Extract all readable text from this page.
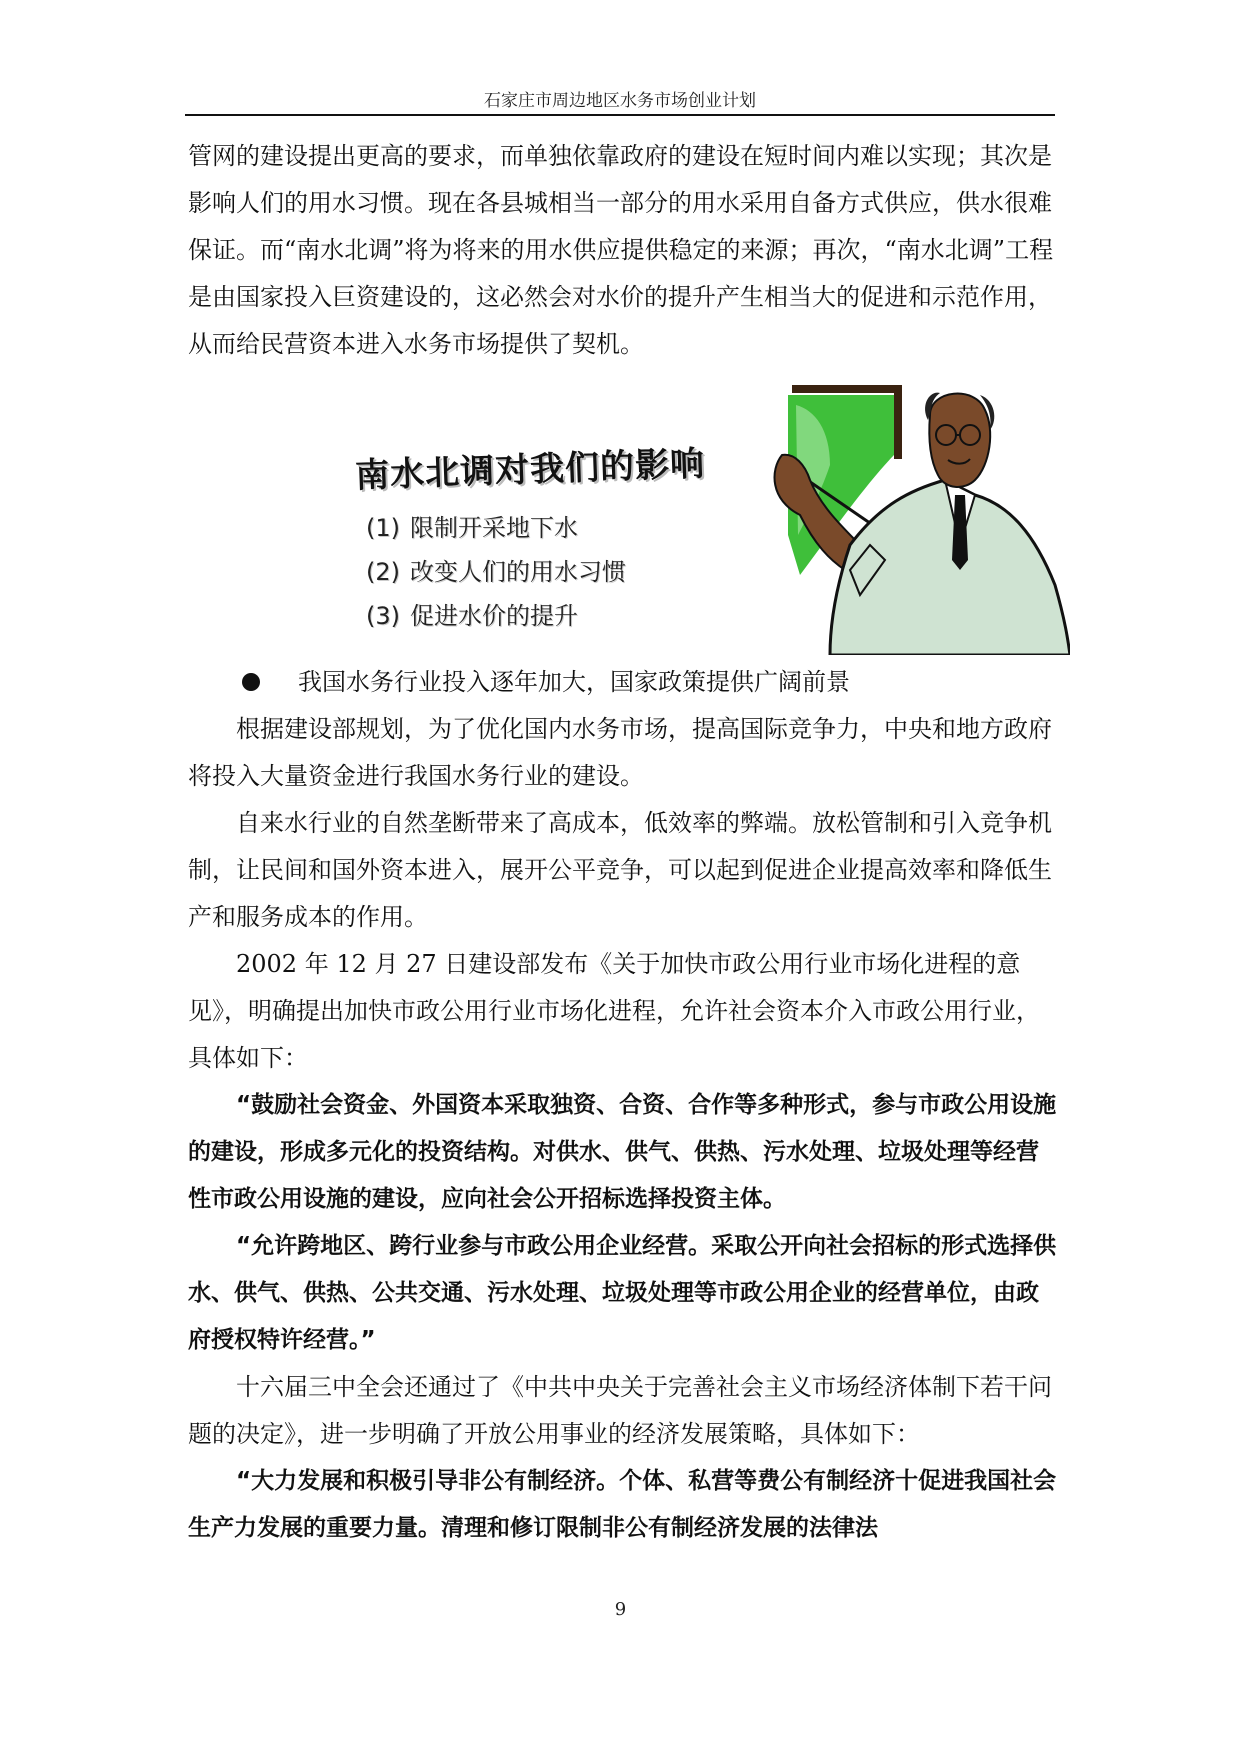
石家庄市周边地区水务市场创业计划

管网的建设提出更高的要求，而单独依靠政府的建设在短时间内难以实现；其次是影响人们的用水习惯。现在各县城相当一部分的用水采用自备方式供应，供水很难保证。而“南水北调”将为将来的用水供应提供稳定的来源；再次，“南水北调”工程是由国家投入巨资建设的，这必然会对水价的提升产生相当大的促进和示范作用，从而给民营资本进入水务市场提供了契机。

南水北调对我们的影响
(1) 限制开采地下水
(2) 改变人们的用水习惯
(3) 促进水价的提升
我国水务行业投入逐年加大，国家政策提供广阔前景

根据建设部规划，为了优化国内水务市场，提高国际竞争力，中央和地方政府将投入大量资金进行我国水务行业的建设。

自来水行业的自然垄断带来了高成本，低效率的弊端。放松管制和引入竞争机制，让民间和国外资本进入，展开公平竞争，可以起到促进企业提高效率和降低生产和服务成本的作用。

2002 年 12 月 27 日建设部发布《关于加快市政公用行业市场化进程的意见》，明确提出加快市政公用行业市场化进程，允许社会资本介入市政公用行业，具体如下：

“鼓励社会资金、外国资本采取独资、合资、合作等多种形式，参与市政公用设施的建设，形成多元化的投资结构。对供水、供气、供热、污水处理、垃圾处理等经营性市政公用设施的建设，应向社会公开招标选择投资主体。

“允许跨地区、跨行业参与市政公用企业经营。采取公开向社会招标的形式选择供水、供气、供热、公共交通、污水处理、垃圾处理等市政公用企业的经营单位，由政府授权特许经营。”

十六届三中全会还通过了《中共中央关于完善社会主义市场经济体制下若干问题的决定》，进一步明确了开放公用事业的经济发展策略，具体如下：

“大力发展和积极引导非公有制经济。个体、私营等费公有制经济十促进我国社会生产力发展的重要力量。清理和修订限制非公有制经济发展的法律法

9
